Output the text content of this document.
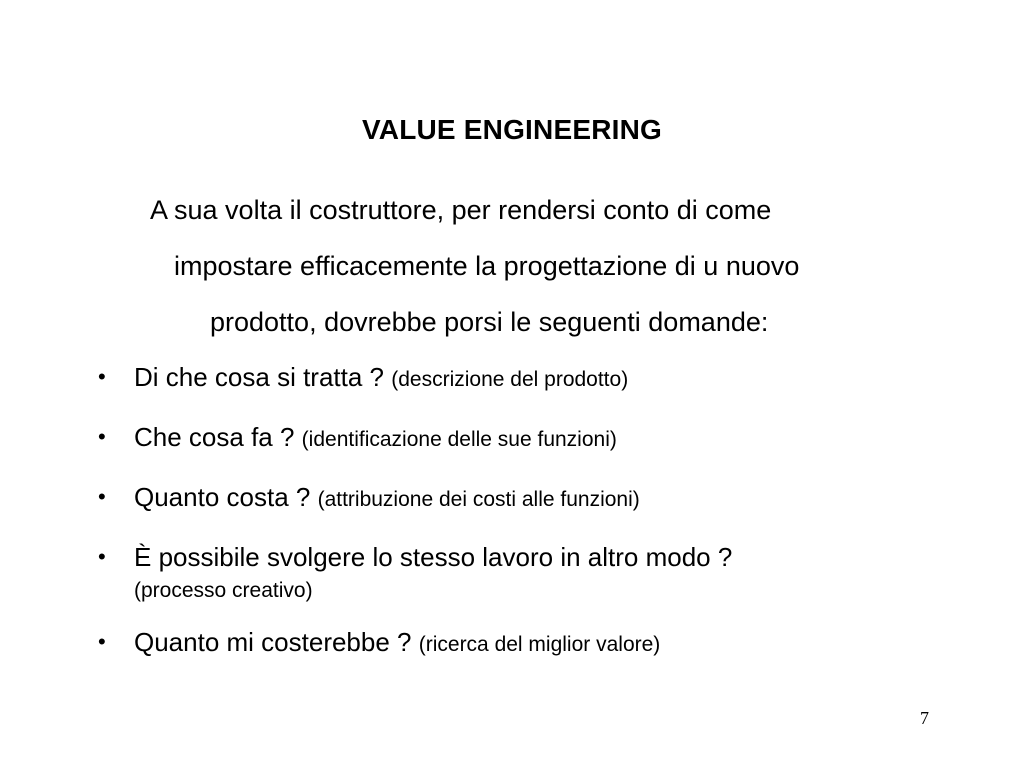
VALUE ENGINEERING
A sua volta il costruttore, per rendersi conto di come
impostare efficacemente la progettazione di u nuovo
prodotto, dovrebbe porsi le seguenti domande:
• Di che cosa si tratta ? (descrizione del prodotto)
• Che cosa fa ? (identificazione delle sue funzioni)
• Quanto costa ? (attribuzione dei costi alle funzioni)
• È possibile svolgere lo stesso lavoro in altro modo ?
(processo creativo)
• Quanto mi costerebbe ? (ricerca del miglior valore)
7
